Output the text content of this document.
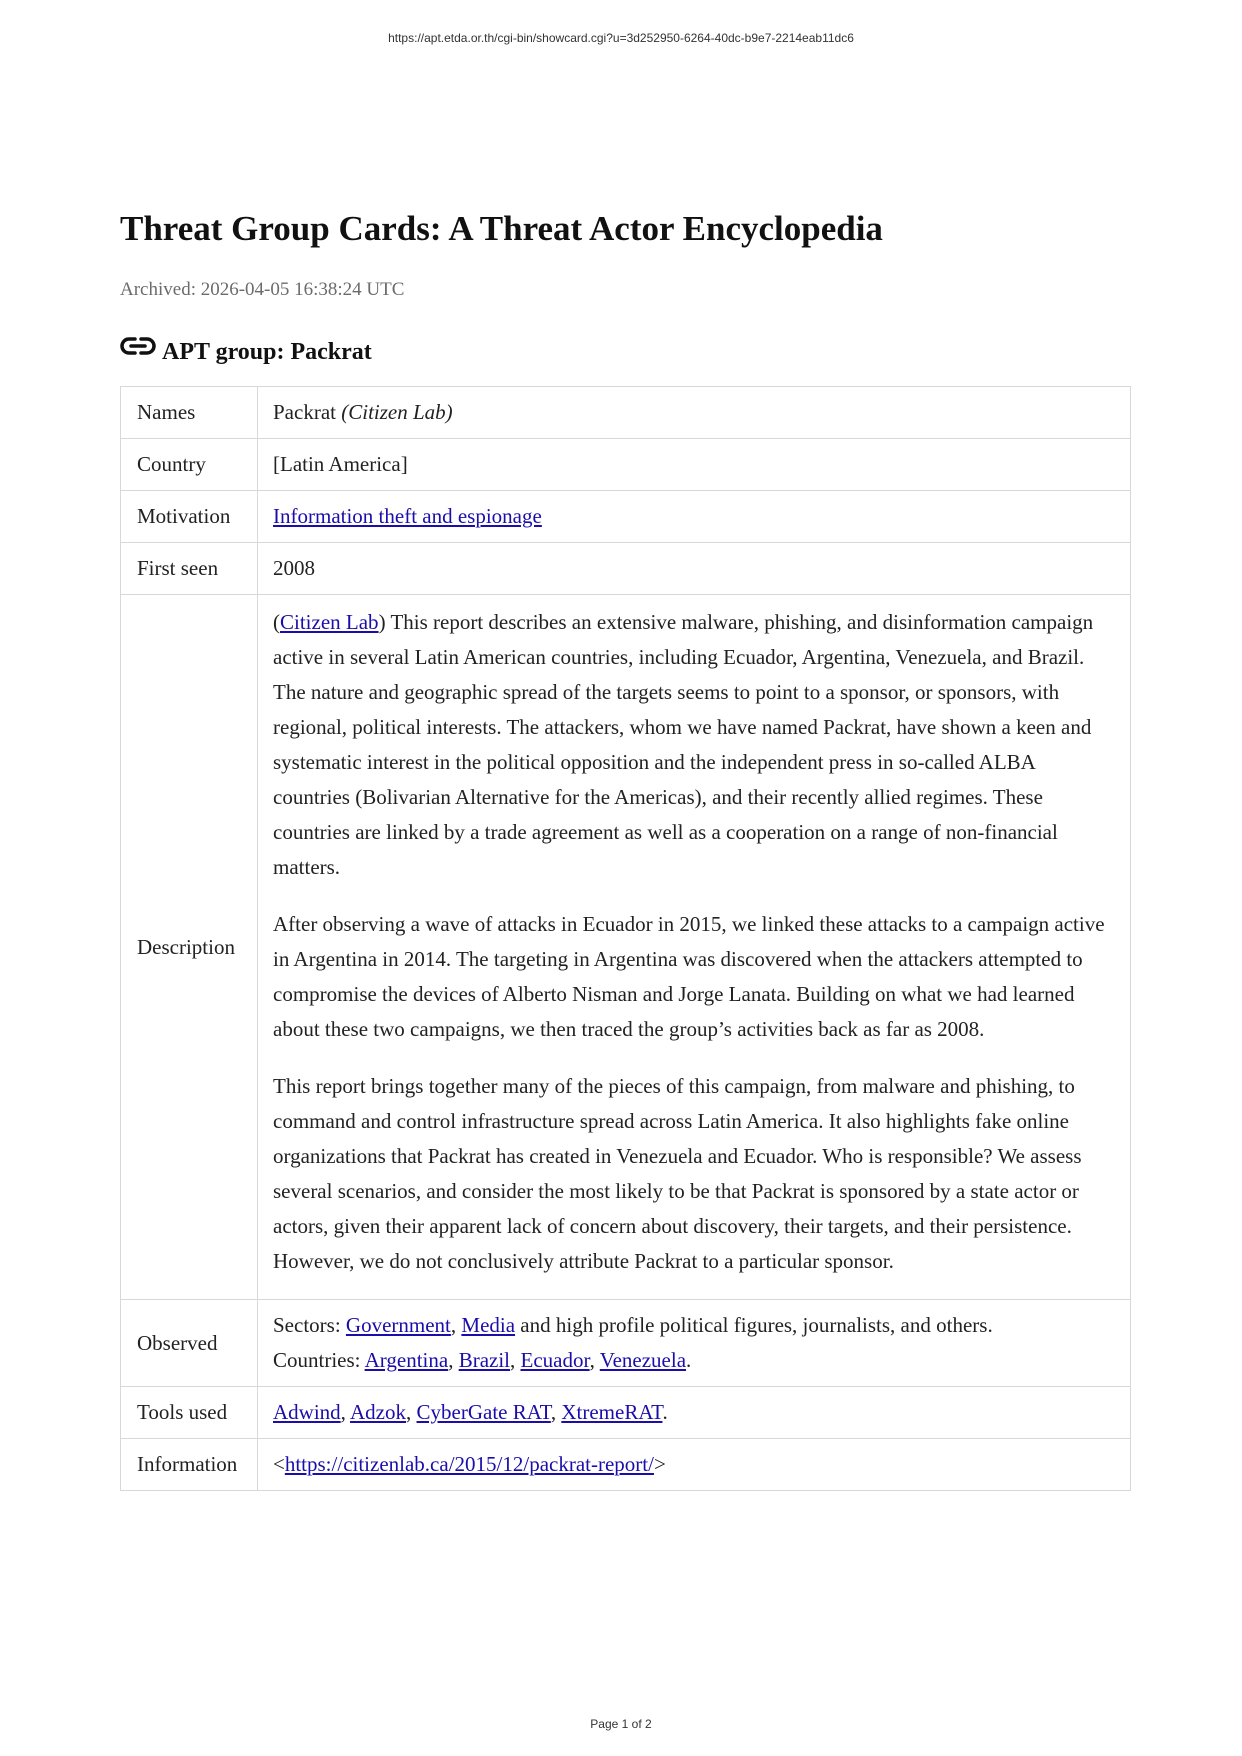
https://apt.etda.or.th/cgi-bin/showcard.cgi?u=3d252950-6264-40dc-b9e7-2214eab11dc6
Threat Group Cards: A Threat Actor Encyclopedia
Archived: 2026-04-05 16:38:24 UTC
APT group: Packrat
Names	Packrat (Citizen Lab)
Country	[Latin America]
Motivation	Information theft and espionage
First seen	2008
Description	(Citizen Lab) This report describes an extensive malware, phishing, and disinformation campaign active in several Latin American countries, including Ecuador, Argentina, Venezuela, and Brazil. The nature and geographic spread of the targets seems to point to a sponsor, or sponsors, with regional, political interests. The attackers, whom we have named Packrat, have shown a keen and systematic interest in the political opposition and the independent press in so-called ALBA countries (Bolivarian Alternative for the Americas), and their recently allied regimes. These countries are linked by a trade agreement as well as a cooperation on a range of non-financial matters.

After observing a wave of attacks in Ecuador in 2015, we linked these attacks to a campaign active in Argentina in 2014. The targeting in Argentina was discovered when the attackers attempted to compromise the devices of Alberto Nisman and Jorge Lanata. Building on what we had learned about these two campaigns, we then traced the group’s activities back as far as 2008.

This report brings together many of the pieces of this campaign, from malware and phishing, to command and control infrastructure spread across Latin America. It also highlights fake online organizations that Packrat has created in Venezuela and Ecuador. Who is responsible? We assess several scenarios, and consider the most likely to be that Packrat is sponsored by a state actor or actors, given their apparent lack of concern about discovery, their targets, and their persistence. However, we do not conclusively attribute Packrat to a particular sponsor.

Observed	Sectors: Government, Media and high profile political figures, journalists, and others.
Countries: Argentina, Brazil, Ecuador, Venezuela.

Tools used	Adwind, Adzok, CyberGate RAT, XtremeRAT.
Information	<https://citizenlab.ca/2015/12/packrat-report/>
Page 1 of 2
